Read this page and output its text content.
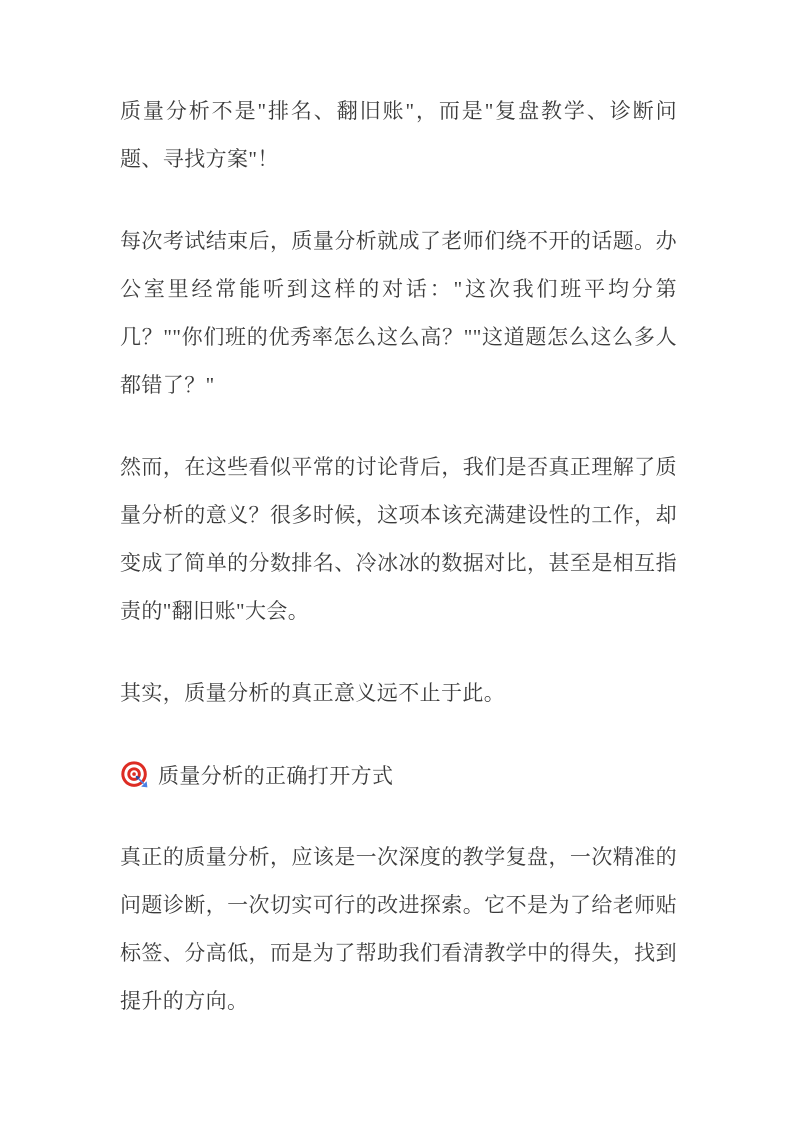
质量分析不是"排名、翻旧账"，而是"复盘教学、诊断问题、寻找方案"！

每次考试结束后，质量分析就成了老师们绕不开的话题。办公室里经常能听到这样的对话："这次我们班平均分第几？""你们班的优秀率怎么这么高？""这道题怎么这么多人都错了？"

然而，在这些看似平常的讨论背后，我们是否真正理解了质量分析的意义？很多时候，这项本该充满建设性的工作，却变成了简单的分数排名、冷冰冰的数据对比，甚至是相互指责的"翻旧账"大会。

其实，质量分析的真正意义远不止于此。

质量分析的正确打开方式

真正的质量分析，应该是一次深度的教学复盘，一次精准的问题诊断，一次切实可行的改进探索。它不是为了给老师贴标签、分高低，而是为了帮助我们看清教学中的得失，找到提升的方向。
